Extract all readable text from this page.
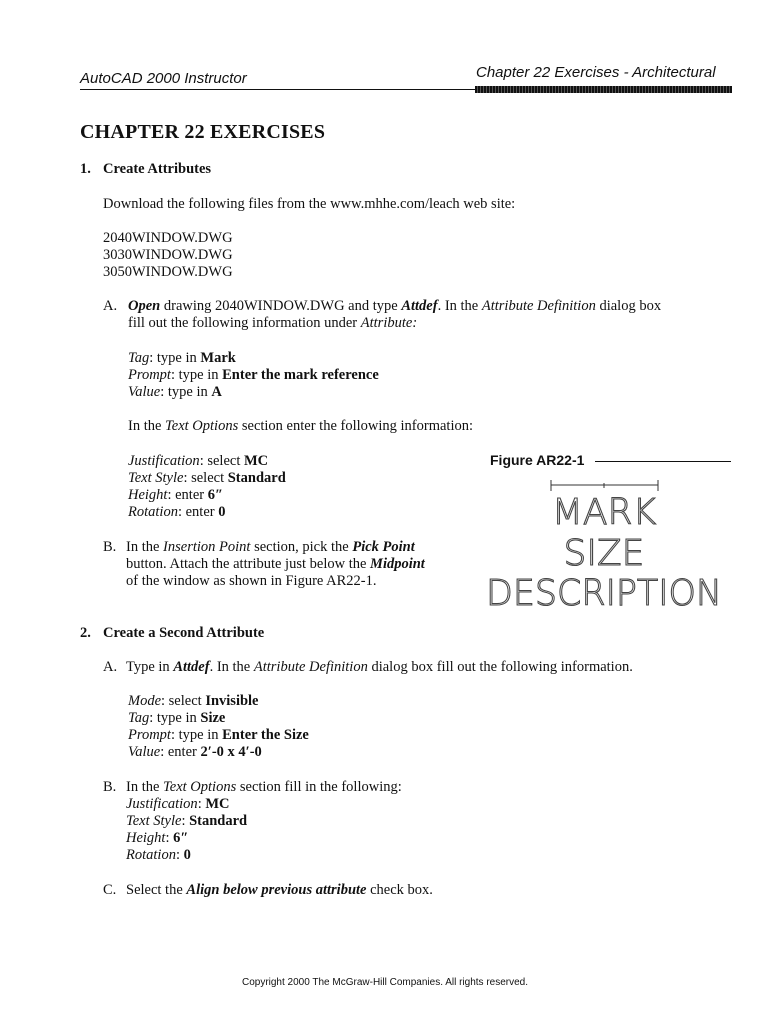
AutoCAD 2000 Instructor	Chapter 22 Exercises - Architectural
CHAPTER 22 EXERCISES
1. Create Attributes
Download the following files from the www.mhhe.com/leach web site:
2040WINDOW.DWG
3030WINDOW.DWG
3050WINDOW.DWG
A. Open drawing 2040WINDOW.DWG and type Attdef. In the Attribute Definition dialog box
fill out the following information under Attribute:
Tag: type in Mark
Prompt: type in Enter the mark reference
Value: type in A
In the Text Options section enter the following information:
Justification: select MC
Text Style: select Standard
Height: enter 6″
Rotation: enter 0
B. In the Insertion Point section, pick the Pick Point
button. Attach the attribute just below the Midpoint
of the window as shown in Figure AR22-1.
Figure AR22-1
MARK
SIZE
DESCRIPTION
2. Create a Second Attribute
A. Type in Attdef. In the Attribute Definition dialog box fill out the following information.
Mode: select Invisible
Tag: type in Size
Prompt: type in Enter the Size
Value: enter 2′-0 x 4′-0
B. In the Text Options section fill in the following:
Justification: MC
Text Style: Standard
Height: 6″
Rotation: 0
C. Select the Align below previous attribute check box.
Copyright 2000 The McGraw-Hill Companies. All rights reserved.
